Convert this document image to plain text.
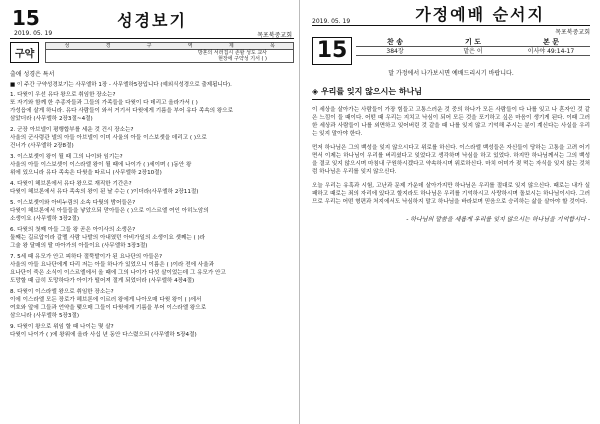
15	성경보기
2019. 05. 19	목포북중교회
구약
성	경	구	역	제	목
방혼의 서러집시 존할 성도 교사
현장에 구약성 기서 ( )
출애 성경은 특서
■ 이 주간 구약성경보기는 사무엘하 1장 - 사무엘하5장입니다 (예외식성경으로 출제됩니다).
1. 다윗이 우선 유다 왕으로 취임한 장소는?
또 자기와 함께 한 추종자들과 그들의 가족들을 다윗이 다 데리고 올라가서 ( )
가성읍에 살게 하니라. 유다 사람들이 와서 거기서 다윗에게 기름을 부어 유다 족속의 왕으로
삼았더라 (사무엘하 2장3절~4절)
2. 군장 아브넬이 평행합부를 세운 것 건시 장소는?
사울의 군사령관 넬의 아들 아브넬이 이미 사울의 아들 이스보셋을 데리고 ( )으로
건너가 (사무엘하 2장8절)
3. 이스보셋이 왕이 될 때 그의 나이와 임기는?
사울의 아들 이스보셋이 이스라엘 왕이 될 때에 나이가 ( )세이며 ( )동안 왕
위에 있으니라 유다 족속은 다윗을 따르니 (사무엘하 2장10절)
4. 다윗이 헤브론에서 유다 왕으로 재직한 기간은?
다윗이 헤브론에서 유다 족속의 왕이 된 날 수는 ( )이더라(사무엘하 2장11절)
5. 이스보셋이와 아비누림의 소속 다웟의 밤어들은?
다윗이 헤브론에서 아들들을 낳았으되 맏아들은 ( )으로 이스르엘 여인 아히노암의
소생이요 (사무엘하 3장2절)
6. 다윗의 첫째 아들 그들 왕 곧은 아이사의 소생은?
둘째는 길르압이라 갈멜 사람 나발의 아내였던 아비가일의 소생이요 셋째는 ( )라
그술 왕 달매의 딸 마아가의 아들이요 (사무엘하 3장3절)
7. 5세 때 유모가 안고 피하다 절뚝발이가 된 요나단의 아들은?
사울의 아들 요나단에게 다리 저는 아들 하나가 있었으니 이름은 ( )이라 전에 사울과
요나단이 죽은 소식이 이스르엘에서 올 때에 그의 나이가 다섯 살이었는데 그 유모가 안고
도망할 때 급히 도망하다가 아이가 떨어져 절게 되었더라 (사무엘하 4장4절)
8. 다윗이 이스라엘 왕으로 취임한 장소는?
이에 이스라엘 모든 장로가 헤브론에 이르러 왕에게 나아오매 다윗 왕이 ( )에서
여호와 앞에 그들과 언약을 맺으매 그들이 다윗에게 기름을 부어 이스라엘 왕으로
삼으니라 (사무엘하 5장3절)
9. 다윗이 왕으로 위임 할 때 나이는 몇 살?
다윗이 나이가 ( )에 왕위에 올라 사십 년 동안 다스렸으되 (사무엘하 5장4절)
2019. 05. 19	가정예배 순서지
목포북중교회
15	찬 송	기 도	본 문
384장	맡은 이	이사야 49:14-17
말 가정에서 나가보시면 예배드리시기 바랍니다.
◈ 우리를 잊지 않으시는 하나님
이 세상을 살아가는 사람들이 가장 힘들고 고통스러운 것 중의 하나가 모든 사람들이 다 나를 잊고 나 혼자인 것 같은 느낌이 들 때이다. 어떤 때 우리는 지치고 낙심이 되어 모든 것을 포기하고 싶은 마음이 생기게 된다. 이때 그러한 세상과 사람들이 나를 외면하고 잊어버린 것 같을 때 나를 잊지 않고 기억해 주시는 분이 계신다는 사실을 우리는 잊지 말아야 한다.
먼저 하나님은 그의 백성을 잊지 않으시다고 위로를 하신다. 이스라엘 백성들은 자신들이 당하는 고통을 고려 어기면서 이제는 하나님이 우리를 버리셨다고 잊었다고 생각하며 낙심을 하고 있었다. 하지만 하나님께서는 그의 백성을 결코 잊지 않으시며 마침내 구원하시겠다고 약속하시며 위로하신다. 마치 어미가 젖 먹는 자식을 잊지 않는 것처럼 하나님은 우리를 잊지 않으신다.
오늘 우리는 유혹과 시험, 고난과 문제 가운데 살아가지만 하나님은 우리를 절대로 잊지 않으신다. 때로는 내가 실패하고 때로는 죄의 자리에 있다고 할지라도 하나님은 우리를 기억하시고 사랑하시며 돌보시는 하나님이시다. 그러므로 우리는 어떤 형편과 처지에서도 낙심하지 말고 하나님을 바라보며 믿음으로 승리하는 삶을 살아야 할 것이다.
- 하나님의 말씀을 새롭게 우리를 잊지 않으시는 하나님을 기억합시다 -
